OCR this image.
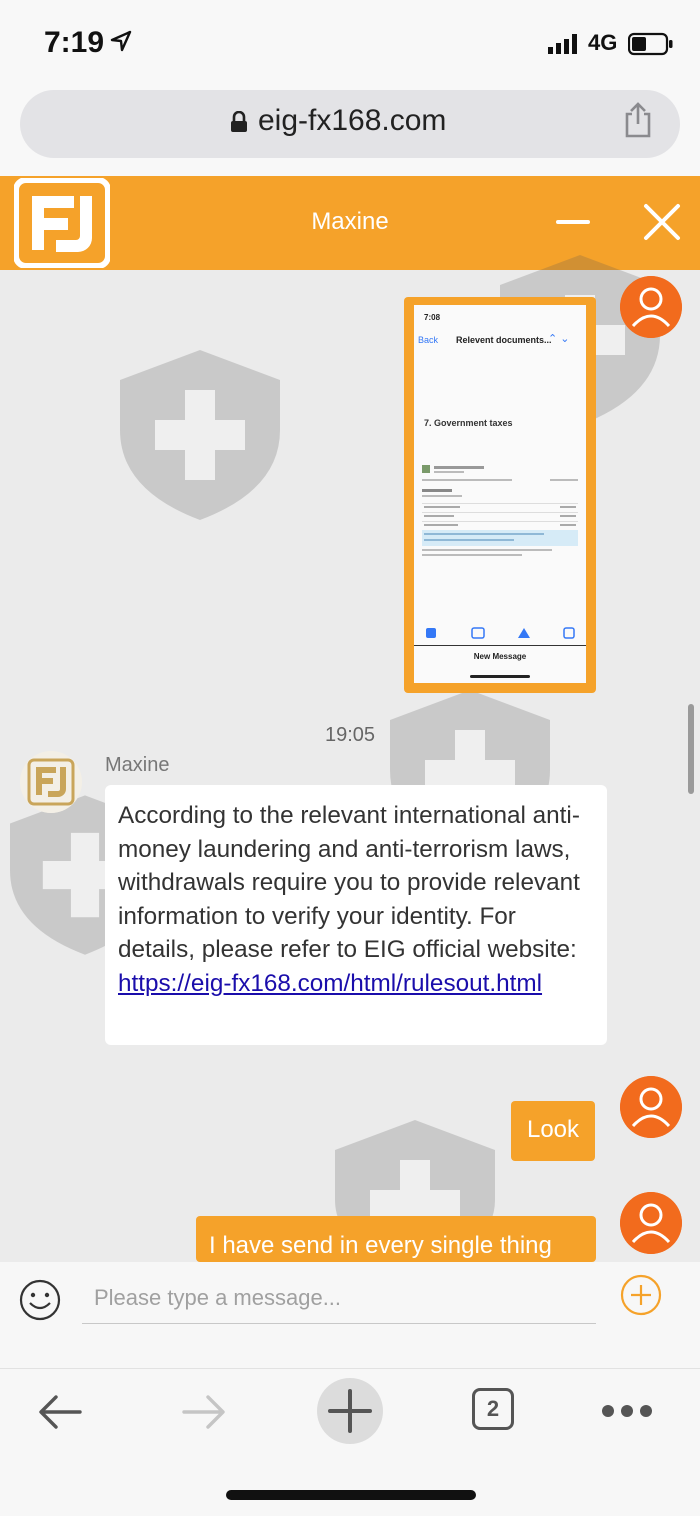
7:19	4G
eig-fx168.com
Maxine
7:08
Back Relevent documents...
⌃ ⌄
7. Government taxes
New Message
19:05
Maxine
According to the relevant international anti-money laundering and anti-terrorism laws, withdrawals require you to provide relevant information to verify your identity. For details, please refer to EIG official website: https://eig-fx168.com/html/rulesout.html
Look
I have send in every single thing
Please type a message...
2
